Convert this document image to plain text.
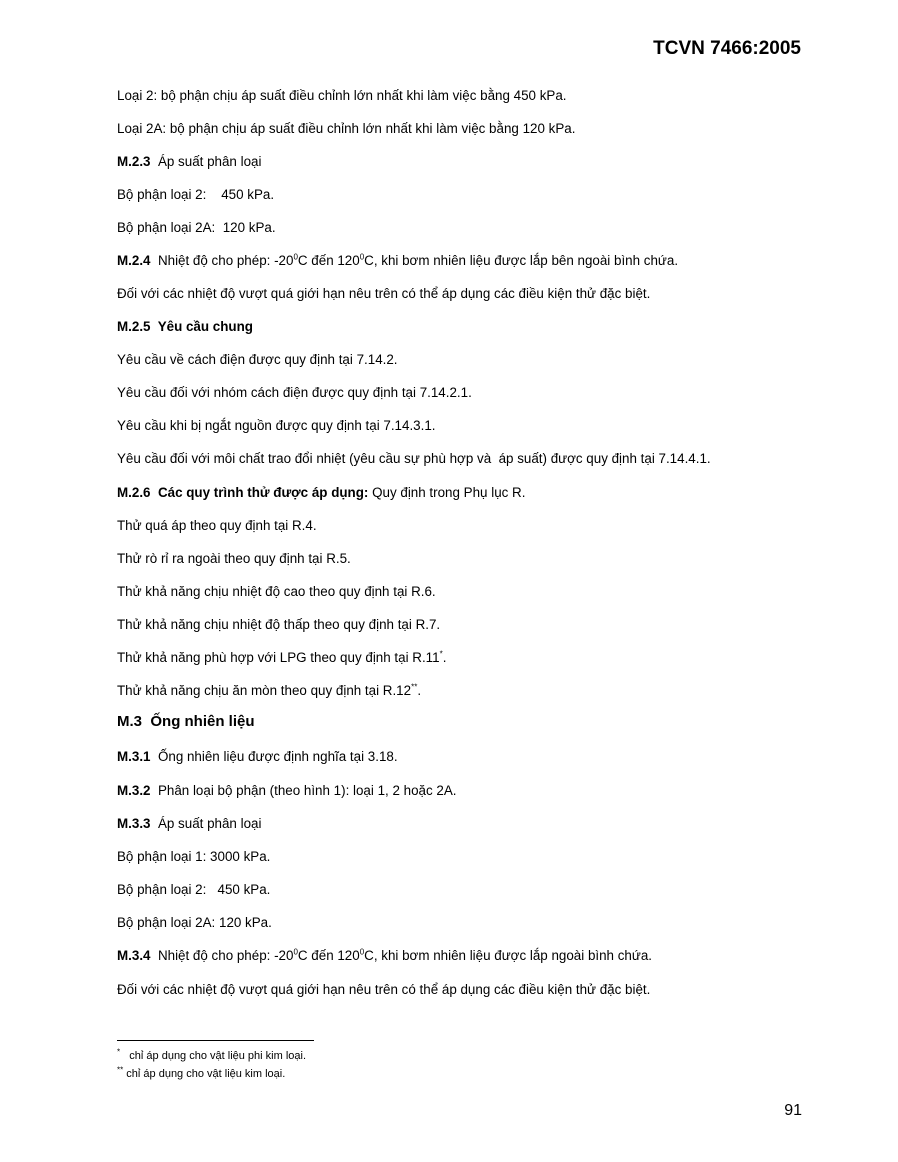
TCVN 7466:2005
Loại 2: bộ phận chịu áp suất điều chỉnh lớn nhất khi làm việc bằng 450 kPa.
Loại 2A: bộ phận chịu áp suất điều chỉnh lớn nhất khi làm việc bằng 120 kPa.
M.2.3 Áp suất phân loại
Bộ phận loại 2:    450 kPa.
Bộ phận loại 2A:  120 kPa.
M.2.4 Nhiệt độ cho phép: $-20^0C$ đến $120^0C$, khi bơm nhiên liệu được lắp bên ngoài bình chứa.
Đối với các nhiệt độ vượt quá giới hạn nêu trên có thể áp dụng các điều kiện thử đặc biệt.
M.2.5 Yêu cầu chung
Yêu cầu về cách điện được quy định tại 7.14.2.
Yêu cầu đối với nhóm cách điện được quy định tại 7.14.2.1.
Yêu cầu khi bị ngắt nguồn được quy định tại 7.14.3.1.
Yêu cầu đối với môi chất trao đổi nhiệt (yêu cầu sự phù hợp và  áp suất) được quy định tại 7.14.4.1.
M.2.6 Các quy trình thử được áp dụng: Quy định trong Phụ lục R.
Thử quá áp theo quy định tại R.4.
Thử rò rỉ ra ngoài theo quy định tại R.5.
Thử khả năng chịu nhiệt độ cao theo quy định tại R.6.
Thử khả năng chịu nhiệt độ thấp theo quy định tại R.7.
Thử khả năng phù hợp với LPG theo quy định tại R.11*.
Thử khả năng chịu ăn mòn theo quy định tại R.12**.
M.3 Ống nhiên liệu
M.3.1 Ống nhiên liệu được định nghĩa tại 3.18.
M.3.2 Phân loại bộ phận (theo hình 1): loại 1, 2 hoặc 2A.
M.3.3 Áp suất phân loại
Bộ phận loại 1: 3000 kPa.
Bộ phận loại 2:   450 kPa.
Bộ phận loại 2A: 120 kPa.
M.3.4 Nhiệt độ cho phép: $-20^0C$ đến $120^0C$, khi bơm nhiên liệu được lắp ngoài bình chứa.
Đối với các nhiệt độ vượt quá giới hạn nêu trên có thể áp dụng các điều kiện thử đặc biệt.
* chỉ áp dụng cho vật liệu phi kim loại.
** chỉ áp dụng cho vật liệu kim loại.
91
